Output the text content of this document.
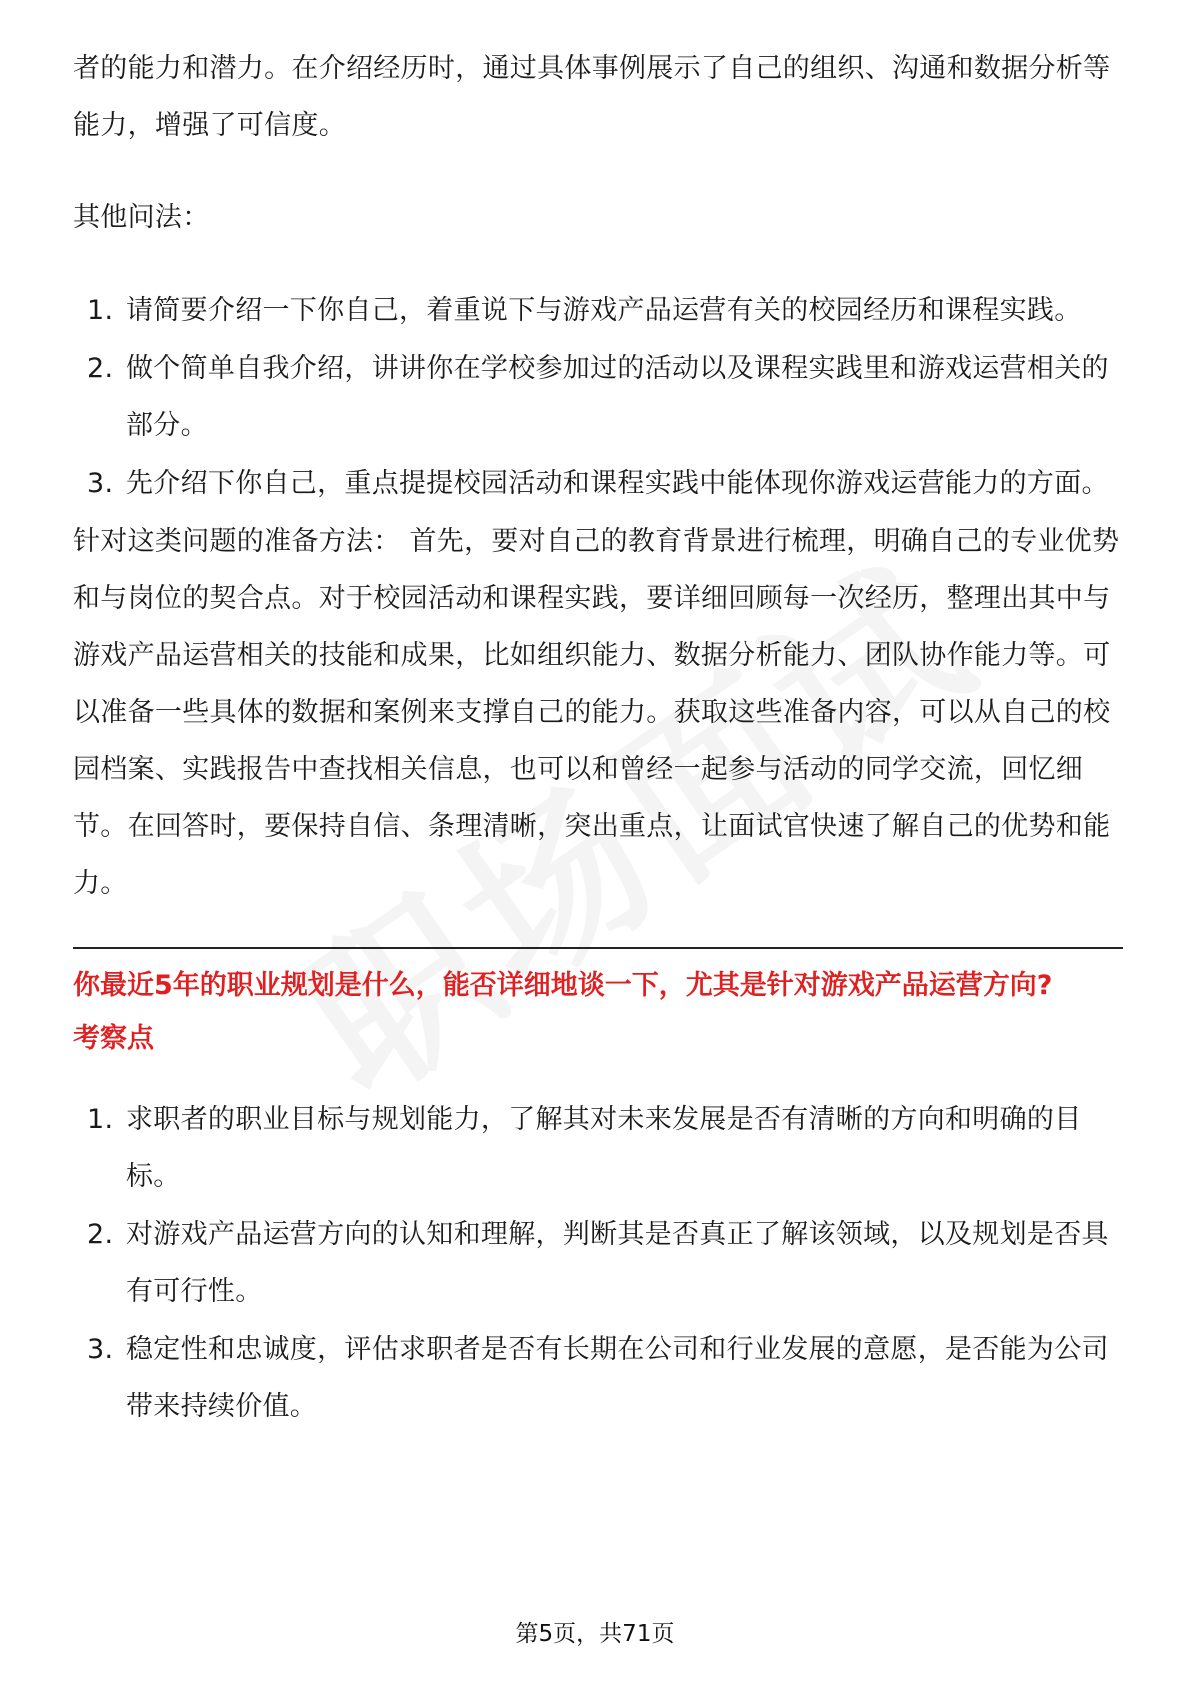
者的能力和潜力。在介绍经历时，通过具体事例展示了自己的组织、沟通和数据分析等能力，增强了可信度。

其他问法：

1. 请简要介绍一下你自己，着重说下与游戏产品运营有关的校园经历和课程实践。
2. 做个简单自我介绍，讲讲你在学校参加过的活动以及课程实践里和游戏运营相关的部分。
3. 先介绍下你自己，重点提提校园活动和课程实践中能体现你游戏运营能力的方面。

针对这类问题的准备方法： 首先，要对自己的教育背景进行梳理，明确自己的专业优势和与岗位的契合点。对于校园活动和课程实践，要详细回顾每一次经历，整理出其中与游戏产品运营相关的技能和成果，比如组织能力、数据分析能力、团队协作能力等。可以准备一些具体的数据和案例来支撑自己的能力。获取这些准备内容，可以从自己的校园档案、实践报告中查找相关信息，也可以和曾经一起参与活动的同学交流，回忆细节。在回答时，要保持自信、条理清晰，突出重点，让面试官快速了解自己的优势和能力。

你最近5年的职业规划是什么，能否详细地谈一下，尤其是针对游戏产品运营方向?

考察点

1. 求职者的职业目标与规划能力，了解其对未来发展是否有清晰的方向和明确的目标。
2. 对游戏产品运营方向的认知和理解，判断其是否真正了解该领域，以及规划是否具有可行性。
3. 稳定性和忠诚度，评估求职者是否有长期在公司和行业发展的意愿，是否能为公司带来持续价值。
第5页，共71页
